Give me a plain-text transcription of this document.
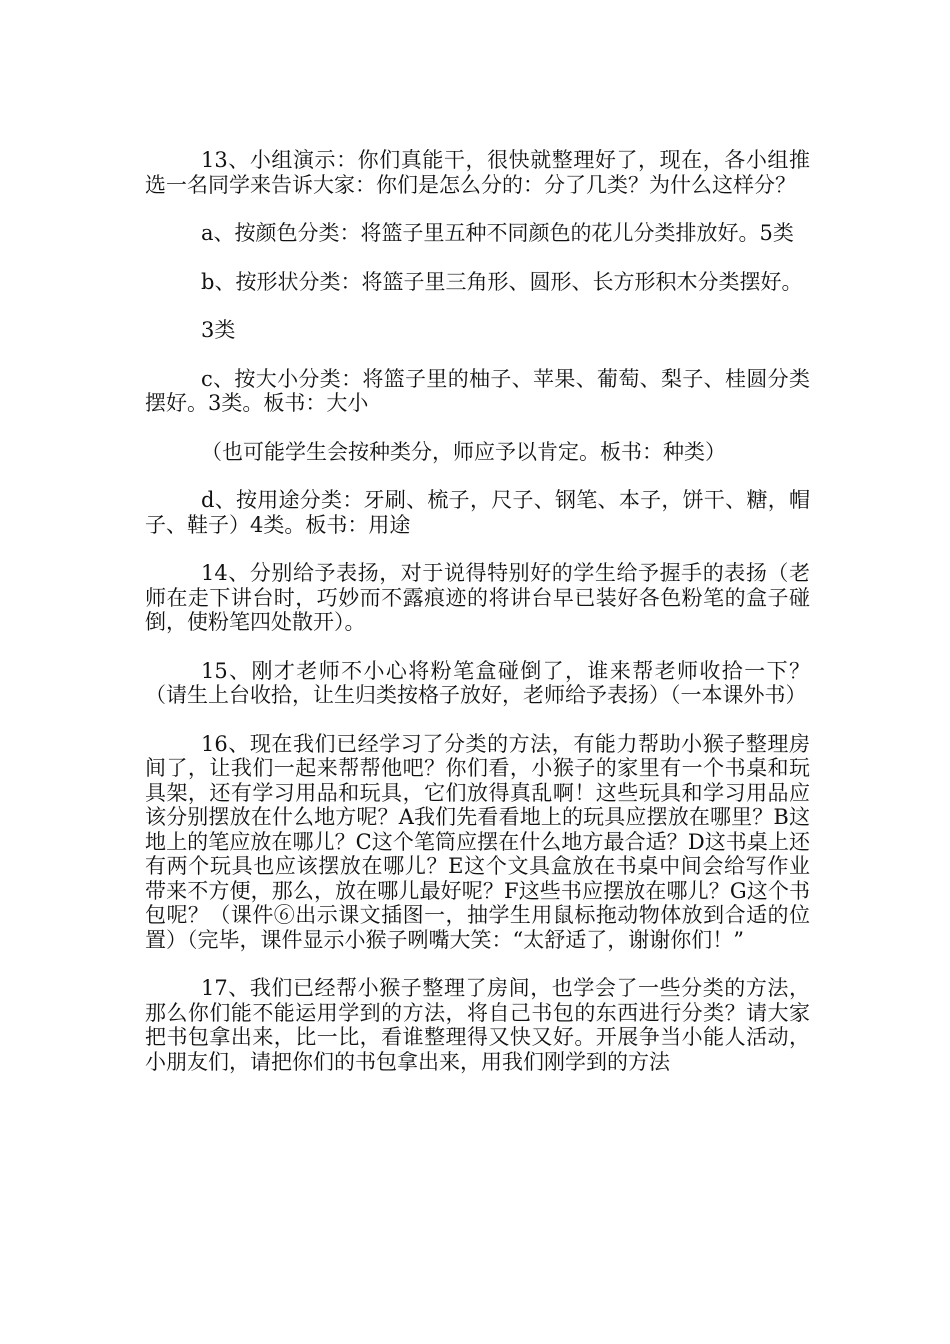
13、小组演示：你们真能干，很快就整理好了，现在，各小组推选一名同学来告诉大家：你们是怎么分的：分了几类？为什么这样分？

a、按颜色分类：将篮子里五种不同颜色的花儿分类排放好。5类

b、按形状分类：将篮子里三角形、圆形、长方形积木分类摆好。

3类

c、按大小分类：将篮子里的柚子、苹果、葡萄、梨子、桂圆分类摆好。3类。板书：大小

（也可能学生会按种类分，师应予以肯定。板书：种类）

d、按用途分类：牙刷、梳子，尺子、钢笔、本子，饼干、糖，帽子、鞋子）4类。板书：用途

14、分别给予表扬，对于说得特别好的学生给予握手的表扬（老师在走下讲台时，巧妙而不露痕迹的将讲台早已装好各色粉笔的盒子碰倒，使粉笔四处散开）。

15、刚才老师不小心将粉笔盒碰倒了，谁来帮老师收拾一下？（请生上台收拾，让生归类按格子放好，老师给予表扬）（一本课外书）

16、现在我们已经学习了分类的方法，有能力帮助小猴子整理房间了，让我们一起来帮帮他吧？你们看，小猴子的家里有一个书桌和玩具架，还有学习用品和玩具，它们放得真乱啊！这些玩具和学习用品应该分别摆放在什么地方呢？A我们先看看地上的玩具应摆放在哪里？B这地上的笔应放在哪儿？C这个笔筒应摆在什么地方最合适？D这书桌上还有两个玩具也应该摆放在哪儿？E这个文具盒放在书桌中间会给写作业带来不方便，那么，放在哪儿最好呢？F这些书应摆放在哪儿？G这个书包呢？（课件⑥出示课文插图一，抽学生用鼠标拖动物体放到合适的位置）（完毕，课件显示小猴子咧嘴大笑：“太舒适了，谢谢你们！”

17、我们已经帮小猴子整理了房间，也学会了一些分类的方法，那么你们能不能运用学到的方法，将自己书包的东西进行分类？请大家把书包拿出来，比一比，看谁整理得又快又好。开展争当小能人活动，小朋友们，请把你们的书包拿出来，用我们刚学到的方法
